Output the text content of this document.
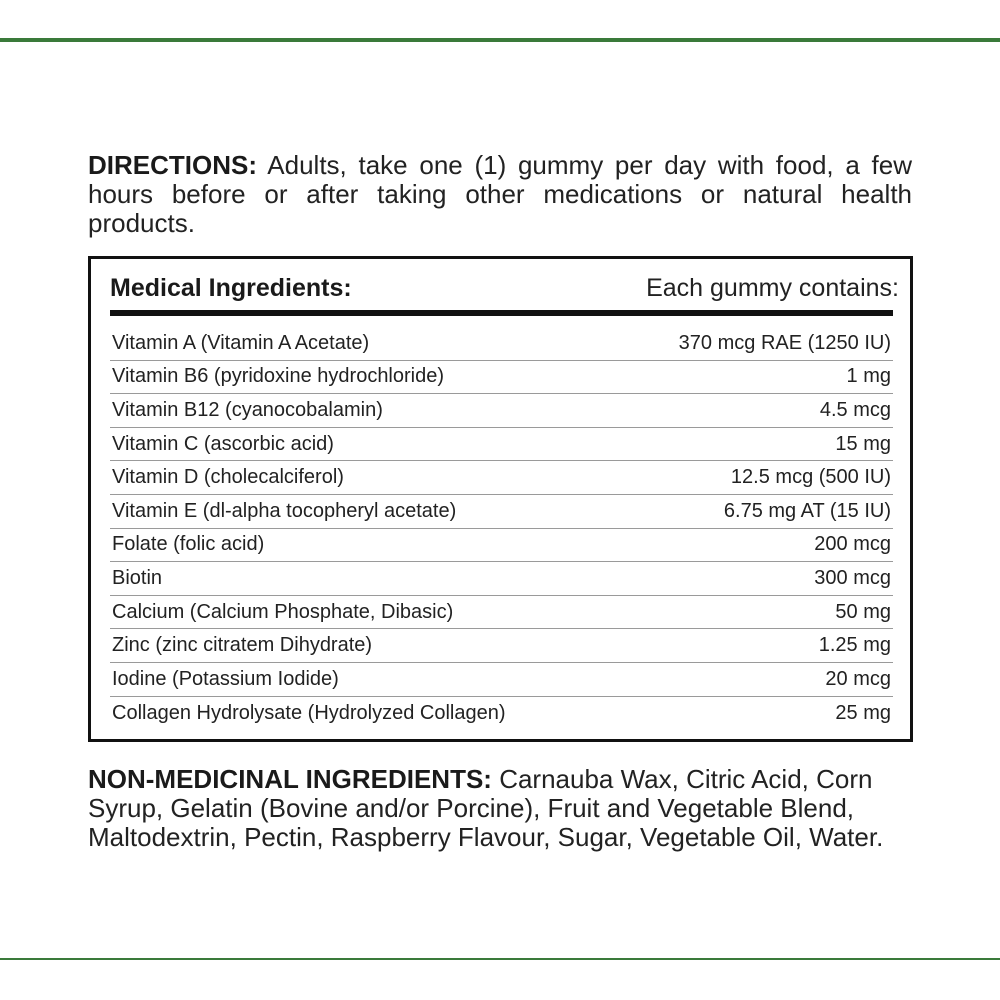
DIRECTIONS: Adults, take one (1) gummy per day with food, a few hours before or after taking other medications or natural health products.

Medical Ingredients:	Each gummy contains:
Vitamin A (Vitamin A Acetate)	370 mcg RAE (1250 IU)
Vitamin B6 (pyridoxine hydrochloride)	1 mg
Vitamin B12 (cyanocobalamin)	4.5 mcg
Vitamin C (ascorbic acid)	15 mg
Vitamin D (cholecalciferol)	12.5 mcg (500 IU)
Vitamin E (dl-alpha tocopheryl acetate)	6.75 mg AT (15 IU)
Folate (folic acid)	200 mcg
Biotin	300 mcg
Calcium (Calcium Phosphate, Dibasic)	50 mg
Zinc (zinc citratem Dihydrate)	1.25 mg
Iodine (Potassium Iodide)	20 mcg
Collagen Hydrolysate (Hydrolyzed Collagen)	25 mg

NON-MEDICINAL INGREDIENTS: Carnauba Wax, Citric Acid, Corn Syrup, Gelatin (Bovine and/or Porcine), Fruit and Vegetable Blend, Maltodextrin, Pectin, Raspberry Flavour, Sugar, Vegetable Oil, Water.
